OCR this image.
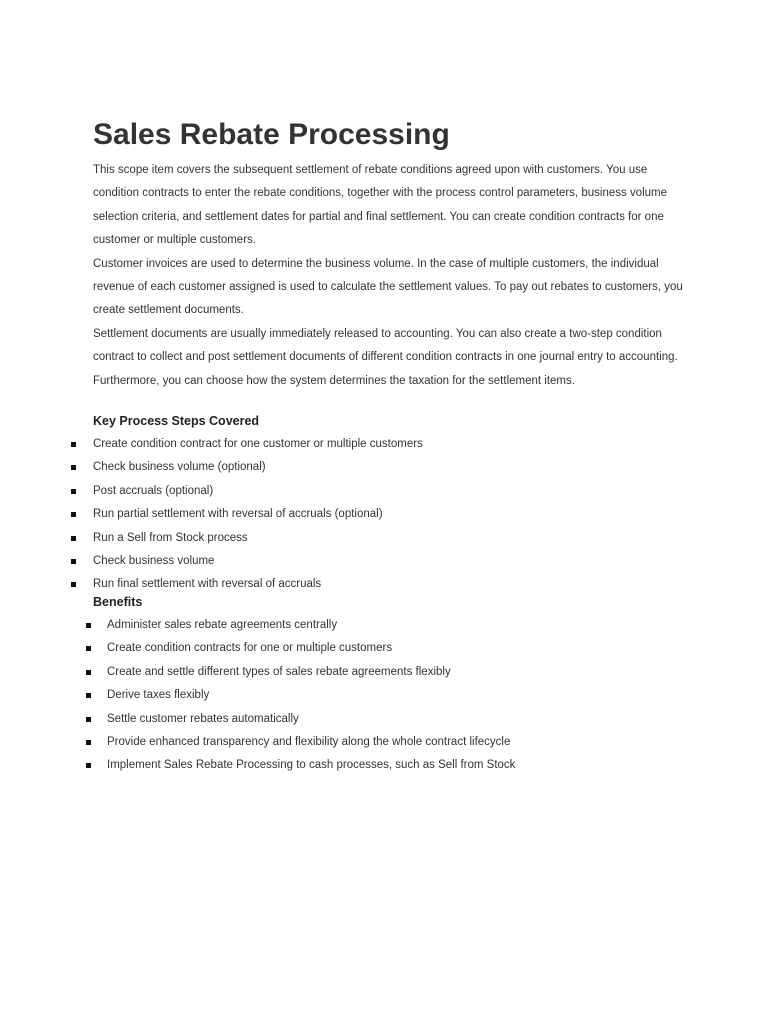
Sales Rebate Processing

This scope item covers the subsequent settlement of rebate conditions agreed upon with customers. You use condition contracts to enter the rebate conditions, together with the process control parameters, business volume selection criteria, and settlement dates for partial and final settlement. You can create condition contracts for one customer or multiple customers.

Customer invoices are used to determine the business volume. In the case of multiple customers, the individual revenue of each customer assigned is used to calculate the settlement values. To pay out rebates to customers, you create settlement documents.

Settlement documents are usually immediately released to accounting. You can also create a two-step condition contract to collect and post settlement documents of different condition contracts in one journal entry to accounting.

Furthermore, you can choose how the system determines the taxation for the settlement items.

Key Process Steps Covered
Create condition contract for one customer or multiple customers
Check business volume (optional)
Post accruals (optional)
Run partial settlement with reversal of accruals (optional)
Run a Sell from Stock process
Check business volume
Run final settlement with reversal of accruals
Benefits
Administer sales rebate agreements centrally
Create condition contracts for one or multiple customers
Create and settle different types of sales rebate agreements flexibly
Derive taxes flexibly
Settle customer rebates automatically
Provide enhanced transparency and flexibility along the whole contract lifecycle
Implement Sales Rebate Processing to cash processes, such as Sell from Stock
